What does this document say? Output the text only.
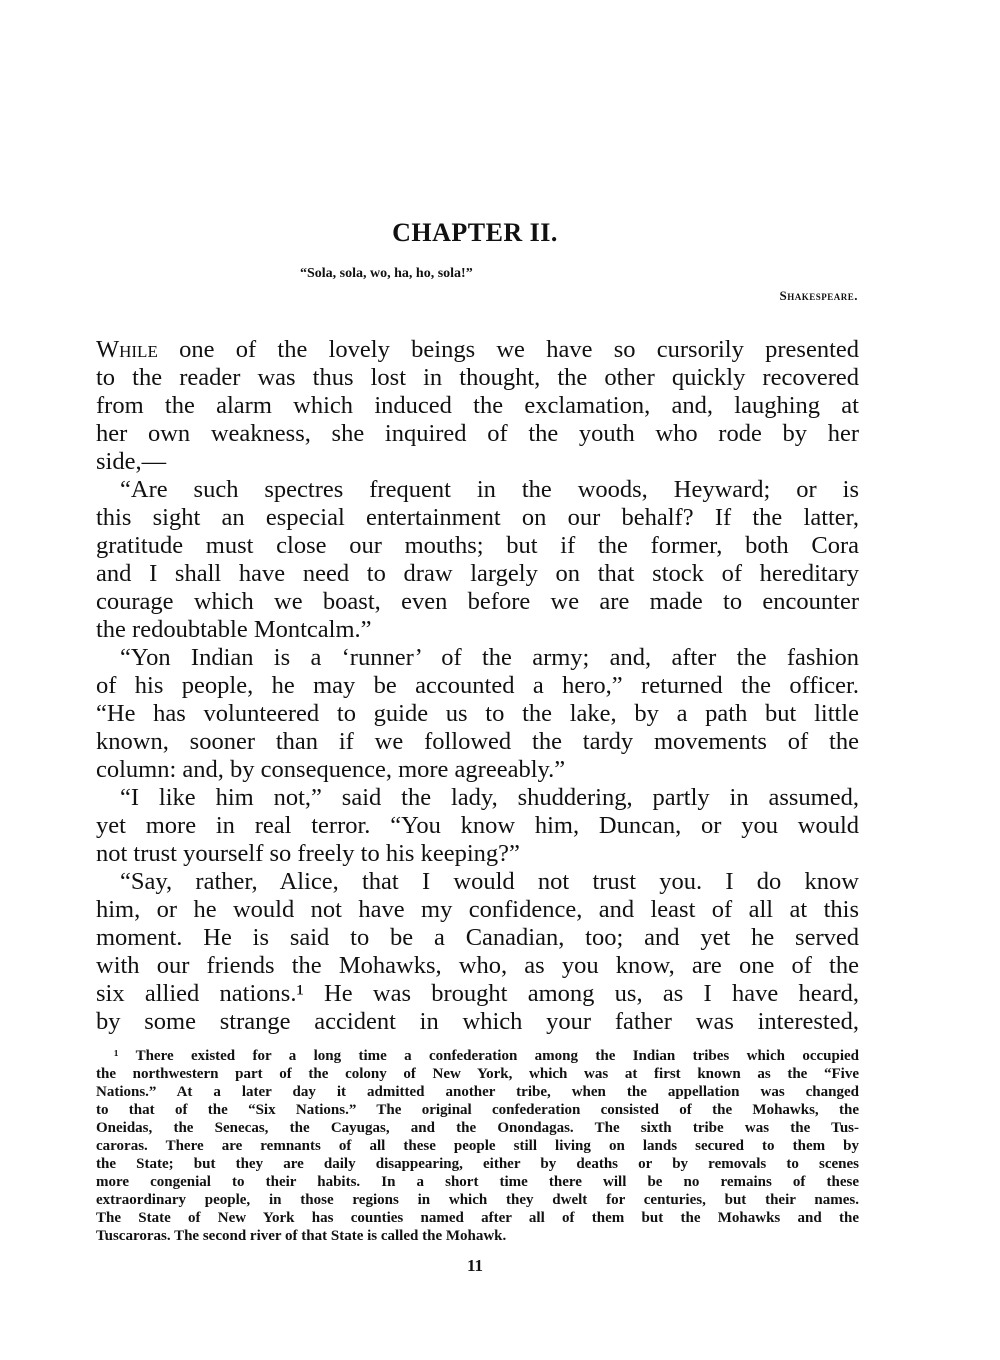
CHAPTER II.
“Sola, sola, wo, ha, ho, sola!”
Shakespeare.
While one of the lovely beings we have so cursorily presented
to the reader was thus lost in thought, the other quickly recovered
from the alarm which induced the exclamation, and, laughing at
her own weakness, she inquired of the youth who rode by her
side,—
“Are such spectres frequent in the woods, Heyward; or is
this sight an especial entertainment on our behalf? If the latter,
gratitude must close our mouths; but if the former, both Cora
and I shall have need to draw largely on that stock of hereditary
courage which we boast, even before we are made to encounter
the redoubtable Montcalm.”
“Yon Indian is a ‘runner’ of the army; and, after the fashion
of his people, he may be accounted a hero,” returned the officer.
“He has volunteered to guide us to the lake, by a path but little
known, sooner than if we followed the tardy movements of the
column: and, by consequence, more agreeably.”
“I like him not,” said the lady, shuddering, partly in assumed,
yet more in real terror. “You know him, Duncan, or you would
not trust yourself so freely to his keeping?”
“Say, rather, Alice, that I would not trust you. I do know
him, or he would not have my confidence, and least of all at this
moment. He is said to be a Canadian, too; and yet he served
with our friends the Mohawks, who, as you know, are one of the
six allied nations.¹ He was brought among us, as I have heard,
by some strange accident in which your father was interested,
¹ There existed for a long time a confederation among the Indian tribes which occupied
the northwestern part of the colony of New York, which was at first known as the “Five
Nations.” At a later day it admitted another tribe, when the appellation was changed
to that of the “Six Nations.” The original confederation consisted of the Mohawks, the
Oneidas, the Senecas, the Cayugas, and the Onondagas. The sixth tribe was the Tus-
caroras. There are remnants of all these people still living on lands secured to them by
the State; but they are daily disappearing, either by deaths or by removals to scenes
more congenial to their habits. In a short time there will be no remains of these
extraordinary people, in those regions in which they dwelt for centuries, but their names.
The State of New York has counties named after all of them but the Mohawks and the
Tuscaroras. The second river of that State is called the Mohawk.
11
